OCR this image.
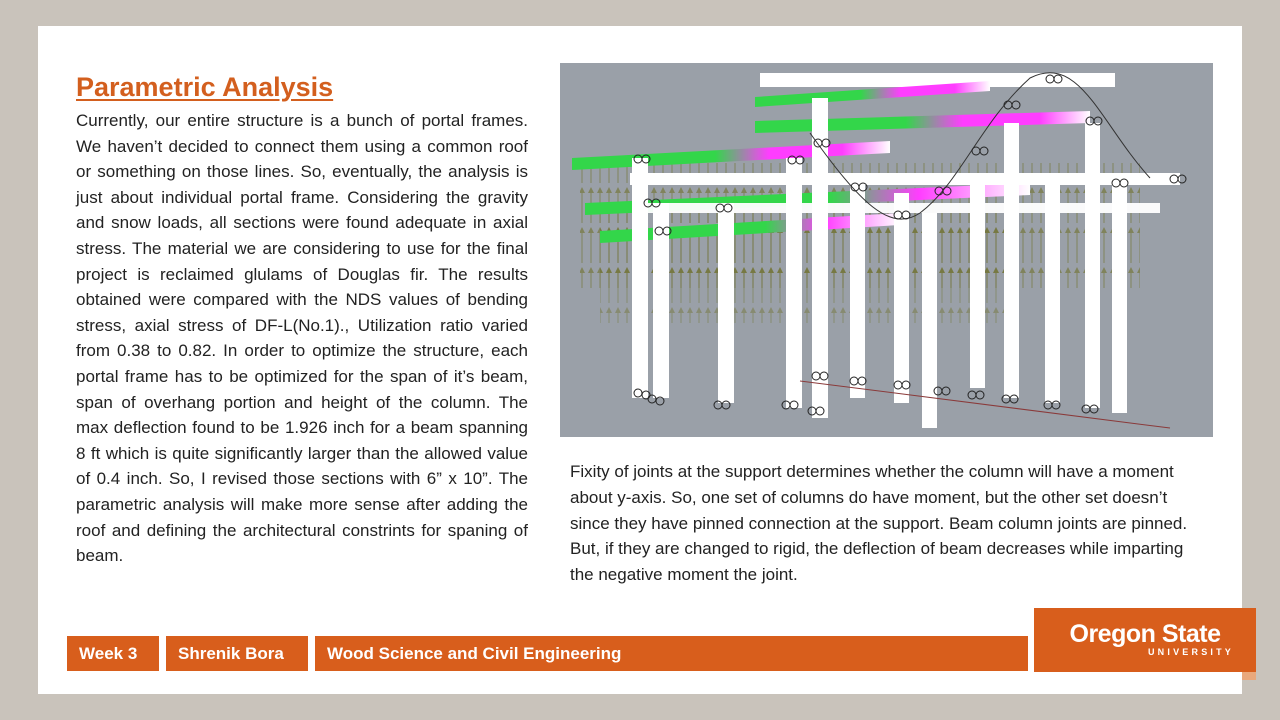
Parametric Analysis

Currently, our entire structure is a bunch of portal frames. We haven’t decided to connect them using a common roof or something on those lines. So, eventually, the analysis is just about individual portal frame. Considering the gravity and snow loads, all sections were found adequate in axial stress. The material we are considering to use for the final project is reclaimed glulams of Douglas fir. The results obtained were compared with the NDS values of bending stress, axial stress of DF-L(No.1)., Utilization ratio varied from 0.38 to 0.82. In order to optimize the structure, each portal frame has to be optimized for the span of it’s beam, span of overhang portion and height of the column. The max deflection found to be 1.926 inch for a beam spanning 8 ft which is quite significantly larger than the allowed value of 0.4 inch. So, I revised those sections with 6” x 10”. The parametric analysis will make more sense after adding the roof and defining the architectural constrints for spaning of beam.

Fixity of joints at the support determines whether the column will have a moment about y-axis. So, one set of columns do have moment, but the other set doesn’t since they have pinned connection at the support. Beam column joints are pinned. But, if they are changed to rigid, the deflection of beam decreases while imparting the negative moment the joint.

Week 3	Shrenik Bora	Wood Science and Civil Engineering
Oregon State
UNIVERSITY
